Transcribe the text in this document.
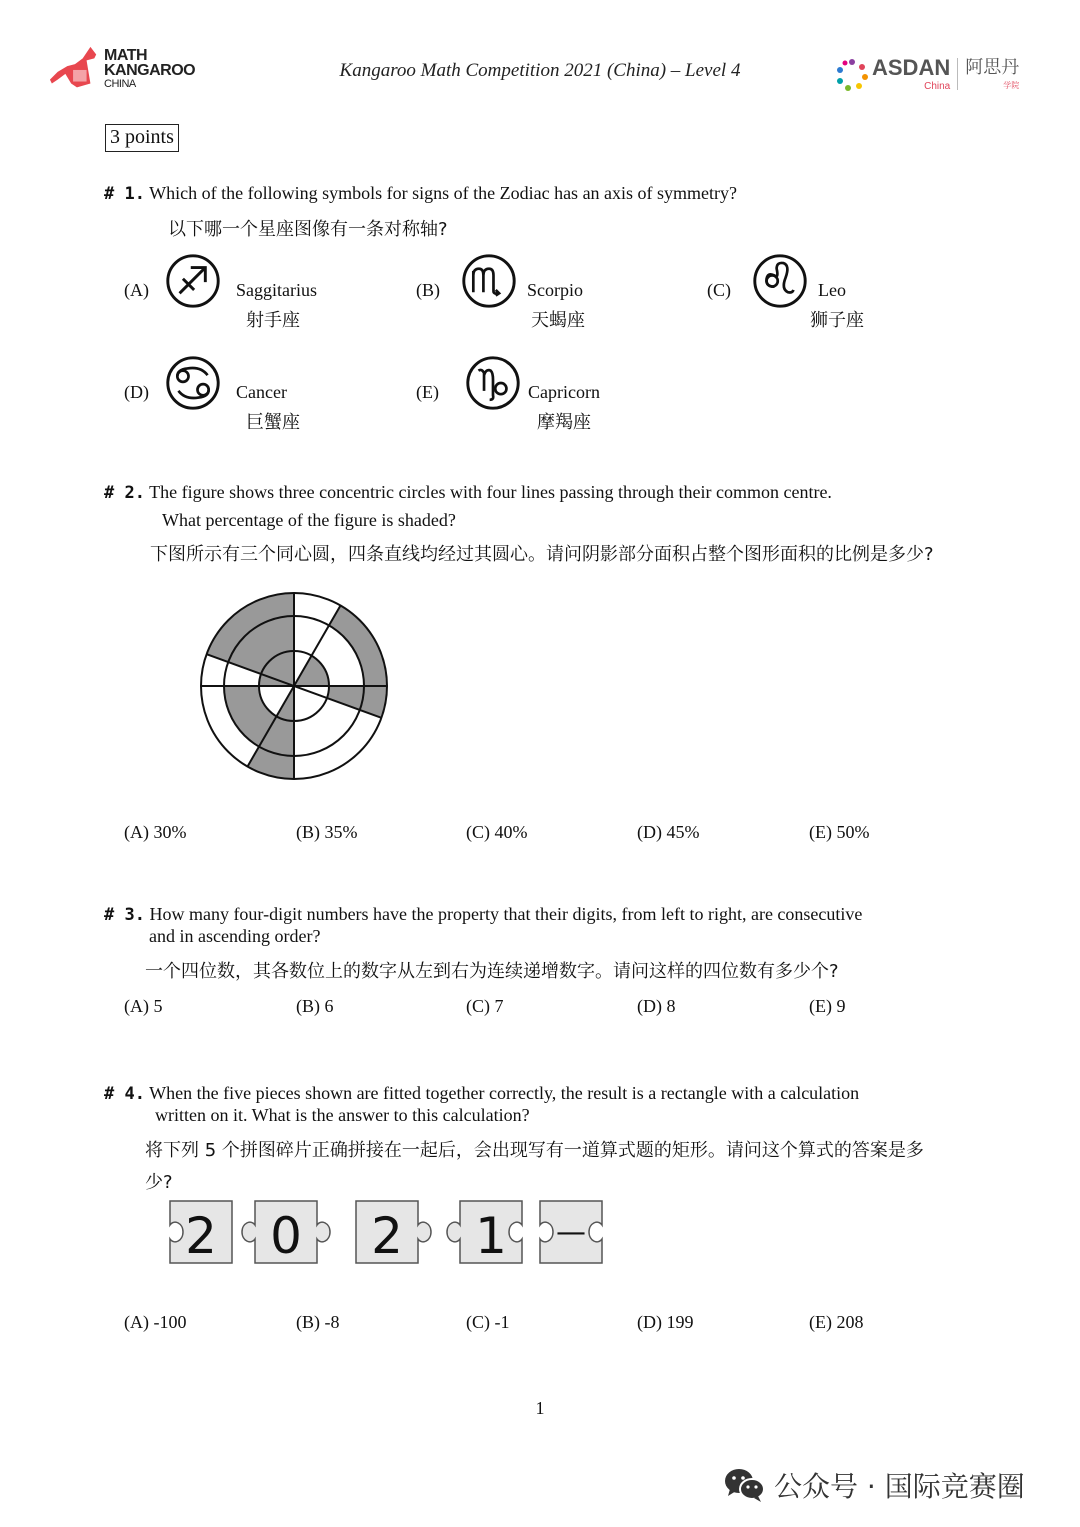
MATH
KANGAROO
CHINA
Kangaroo Math Competition 2021 (China) – Level 4	ASDAN
China
阿思丹
学院
3 points
# 1. Which of the following symbols for signs of the Zodiac has an axis of symmetry?
以下哪一个星座图像有一条对称轴?
(A)	Saggitarius
射手座
(B)	Scorpio
天蝎座
(C)	Leo
狮子座
(D)	Cancer
巨蟹座
(E)	Capricorn
摩羯座
# 2. The figure shows three concentric circles with four lines passing through their common centre.
What percentage of the figure is shaded?
下图所示有三个同心圆，四条直线均经过其圆心。请问阴影部分面积占整个图形面积的比例是多少?
(A) 30%	(B) 35%	(C) 40%	(D) 45%	(E) 50%
# 3. How many four-digit numbers have the property that their digits, from left to right, are consecutive
and in ascending order?
一个四位数，其各数位上的数字从左到右为连续递增数字。请问这样的四位数有多少个?
(A) 5	(B) 6	(C) 7	(D) 8	(E) 9
# 4. When the five pieces shown are fitted together correctly, the result is a rectangle with a calculation
written on it. What is the answer to this calculation?
将下列 5 个拼图碎片正确拼接在一起后，会出现写有一道算式题的矩形。请问这个算式的答案是多
少?
2 0 2 1 —
(A) -100	(B) -8	(C) -1	(D) 199	(E) 208
1
公众号 · 国际竞赛圈
